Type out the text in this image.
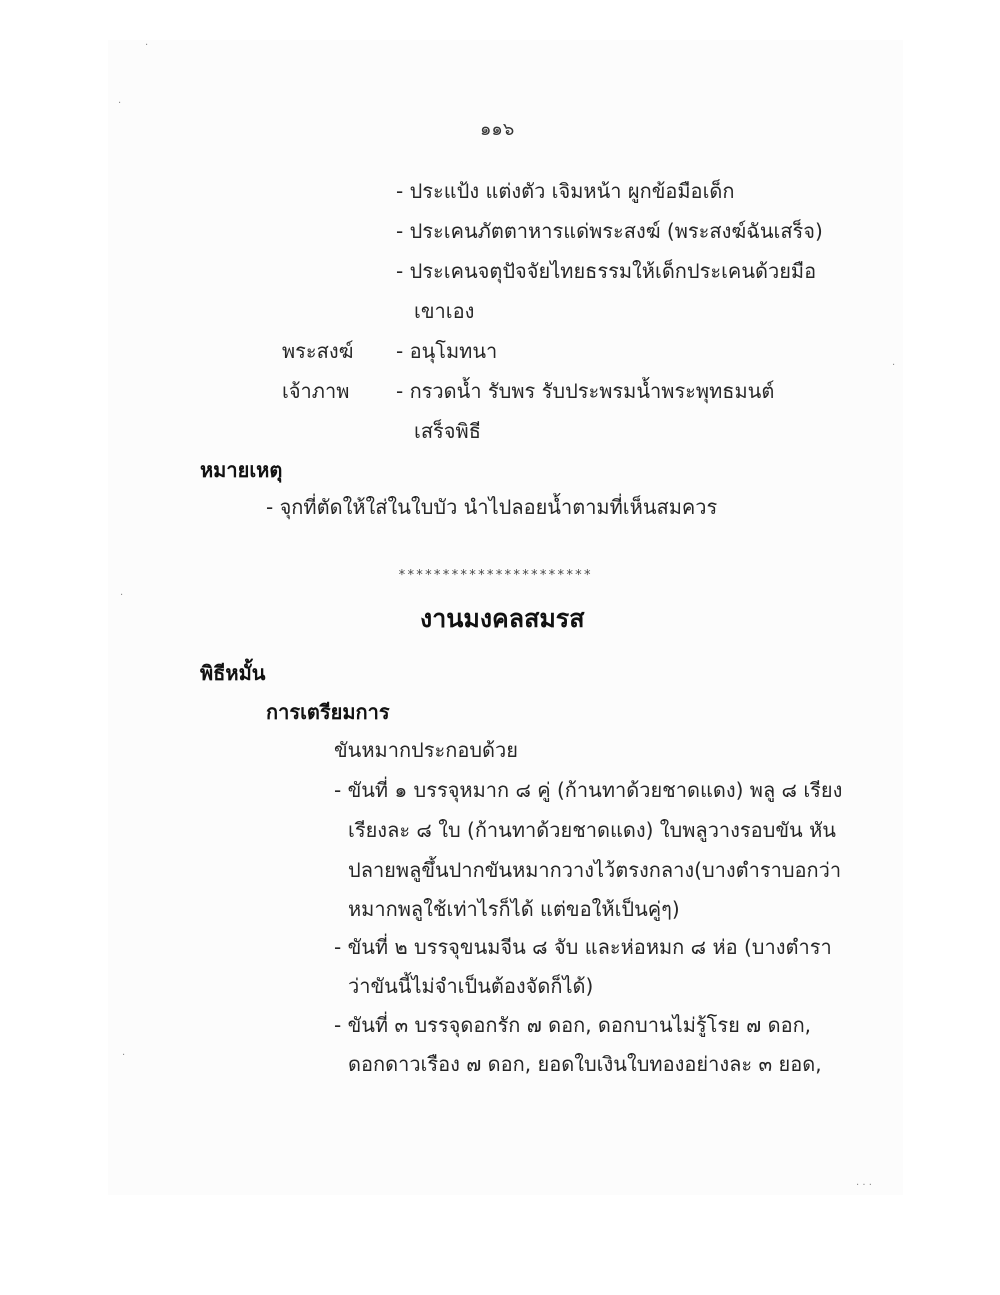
๑๑๖
- ประแป้ง แต่งตัว เจิมหน้า ผูกข้อมือเด็ก
- ประเคนภัตตาหารแด่พระสงฆ์ (พระสงฆ์ฉันเสร็จ)
- ประเคนจตุปัจจัยไทยธรรมให้เด็กประเคนด้วยมือ
เขาเอง
พระสงฆ์ - อนุโมทนา
เจ้าภาพ - กรวดน้ำ รับพร รับประพรมน้ำพระพุทธมนต์
เสร็จพิธี
หมายเหตุ
- จุกที่ตัดให้ใส่ในใบบัว นำไปลอยน้ำตามที่เห็นสมควร
**********************
งานมงคลสมรส
พิธีหมั้น
การเตรียมการ
ขันหมากประกอบด้วย
- ขันที่ ๑ บรรจุหมาก ๘ คู่ (ก้านทาด้วยชาดแดง) พลู ๘ เรียง
เรียงละ ๘ ใบ (ก้านทาด้วยชาดแดง) ใบพลูวางรอบขัน หัน
ปลายพลูขึ้นปากขันหมากวางไว้ตรงกลาง(บางตำราบอกว่า
หมากพลูใช้เท่าไรก็ได้ แต่ขอให้เป็นคู่ๆ)
- ขันที่ ๒ บรรจุขนมจีน ๘ จับ และห่อหมก ๘ ห่อ (บางตำรา
ว่าขันนี้ไม่จำเป็นต้องจัดก็ได้)
- ขันที่ ๓ บรรจุดอกรัก ๗ ดอก, ดอกบานไม่รู้โรย ๗ ดอก,
ดอกดาวเรือง ๗ ดอก, ยอดใบเงินใบทองอย่างละ ๓ ยอด,
·
·
·
·
·
· · ·
